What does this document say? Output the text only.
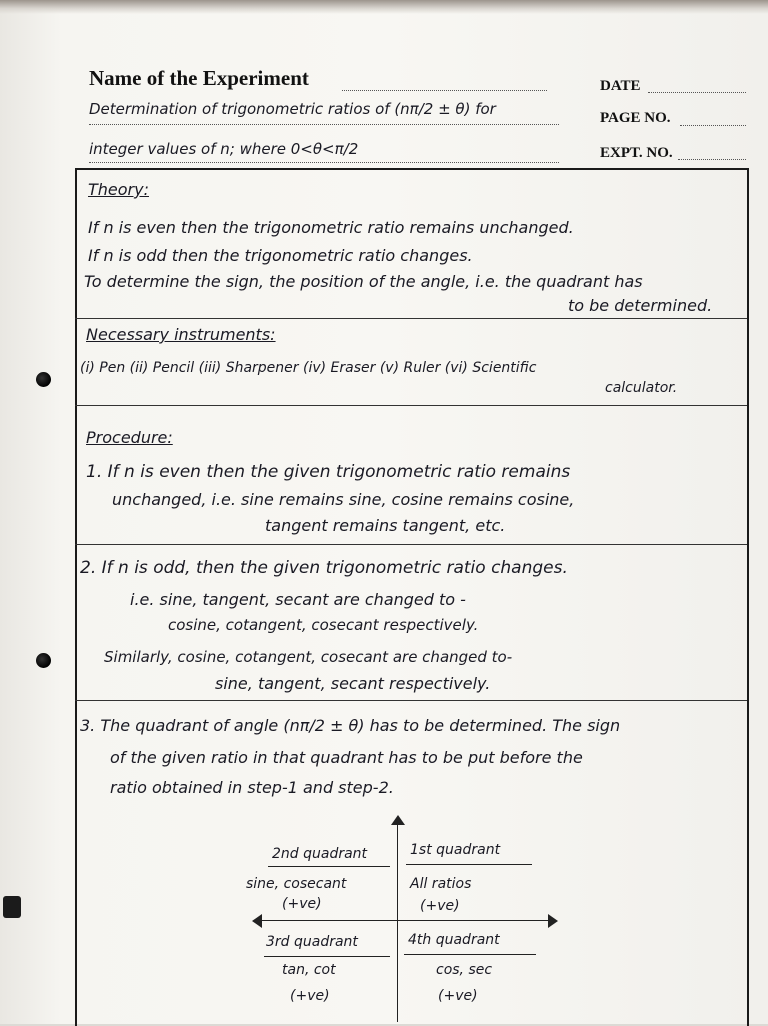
Name of the Experiment	DATE
PAGE NO.
EXPT. NO.
Determination of trigonometric ratios of (nπ/2 ± θ) for
integer values of n; where 0<θ<π/2
Theory:
If n is even then the trigonometric ratio remains unchanged.
If n is odd then the trigonometric ratio changes.
To determine the sign, the position of the angle, i.e. the quadrant has
to be determined.
Necessary instruments:
(i) Pen (ii) Pencil (iii) Sharpener (iv) Eraser (v) Ruler (vi) Scientific
calculator.
Procedure:
1. If n is even then the given trigonometric ratio remains
unchanged, i.e. sine remains sine, cosine remains cosine,
tangent remains tangent, etc.
2. If n is odd, then the given trigonometric ratio changes.
i.e. sine, tangent, secant are changed to -
cosine, cotangent, cosecant respectively.
Similarly, cosine, cotangent, cosecant are changed to-
sine, tangent, secant respectively.
3. The quadrant of angle (nπ/2 ± θ) has to be determined. The sign
of the given ratio in that quadrant has to be put before the
ratio obtained in step-1 and step-2.
2nd quadrant
sine, cosecant
(+ve)
1st quadrant
All ratios
(+ve)
3rd quadrant
tan, cot
(+ve)
4th quadrant
cos, sec
(+ve)
